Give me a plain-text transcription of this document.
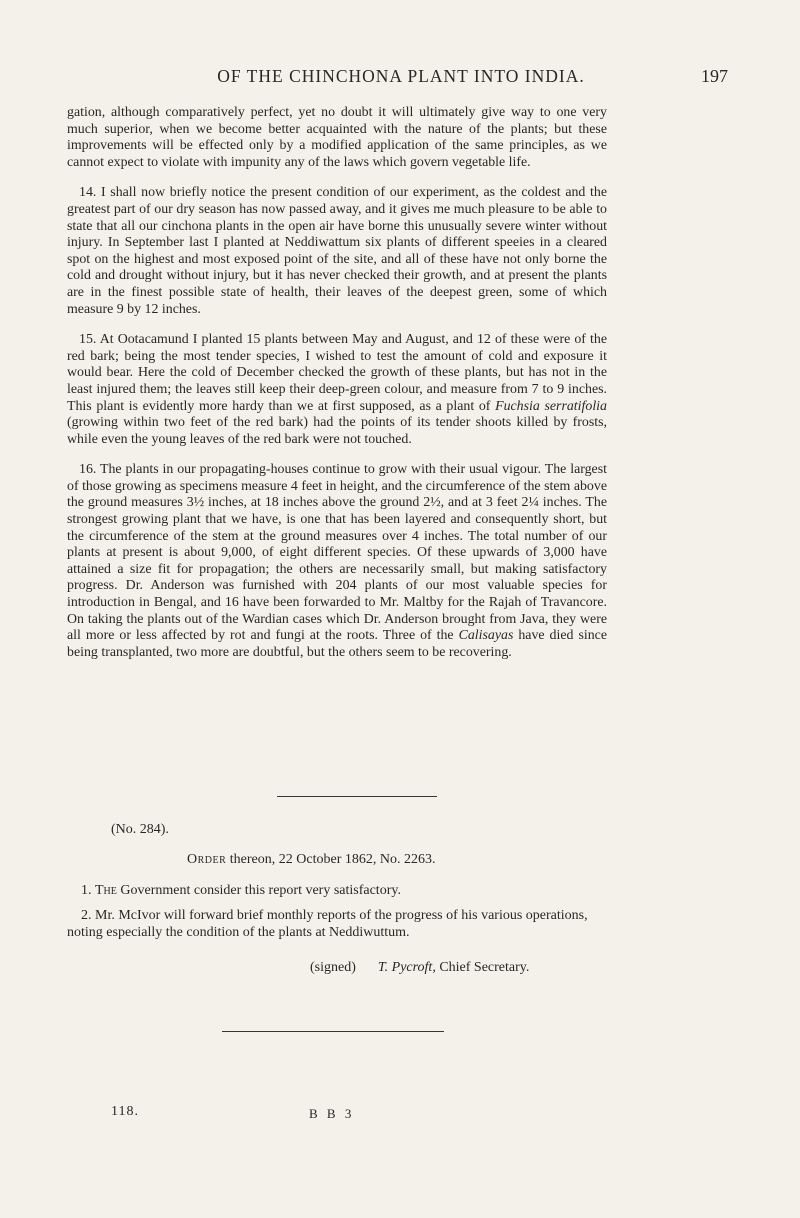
OF THE CHINCHONA PLANT INTO INDIA.	197

gation, although comparatively perfect, yet no doubt it will ultimately give way to one very much superior, when we become better acquainted with the nature of the plants; but these improvements will be effected only by a modified application of the same principles, as we cannot expect to violate with impunity any of the laws which govern vegetable life.

14. I shall now briefly notice the present condition of our experiment, as the coldest and the greatest part of our dry season has now passed away, and it gives me much pleasure to be able to state that all our cinchona plants in the open air have borne this unusually severe winter without injury. In September last I planted at Neddiwattum six plants of different speeies in a cleared spot on the highest and most exposed point of the site, and all of these have not only borne the cold and drought without injury, but it has never checked their growth, and at present the plants are in the finest possible state of health, their leaves of the deepest green, some of which measure 9 by 12 inches.

15. At Ootacamund I planted 15 plants between May and August, and 12 of these were of the red bark; being the most tender species, I wished to test the amount of cold and exposure it would bear. Here the cold of December checked the growth of these plants, but has not in the least injured them; the leaves still keep their deep-green colour, and measure from 7 to 9 inches. This plant is evidently more hardy than we at first supposed, as a plant of Fuchsia serratifolia (growing within two feet of the red bark) had the points of its tender shoots killed by frosts, while even the young leaves of the red bark were not touched.

16. The plants in our propagating-houses continue to grow with their usual vigour. The largest of those growing as specimens measure 4 feet in height, and the circumference of the stem above the ground measures 3½ inches, at 18 inches above the ground 2½, and at 3 feet 2¼ inches. The strongest growing plant that we have, is one that has been layered and consequently short, but the circumference of the stem at the ground measures over 4 inches. The total number of our plants at present is about 9,000, of eight different species. Of these upwards of 3,000 have attained a size fit for propagation; the others are necessarily small, but making satisfactory progress. Dr. Anderson was furnished with 204 plants of our most valuable species for introduction in Bengal, and 16 have been forwarded to Mr. Maltby for the Rajah of Travancore. On taking the plants out of the Wardian cases which Dr. Anderson brought from Java, they were all more or less affected by rot and fungi at the roots. Three of the Calisayas have died since being transplanted, two more are doubtful, but the others seem to be recovering.

(No. 284).
Order thereon, 22 October 1862, No. 2263.

1. The Government consider this report very satisfactory.

2. Mr. McIvor will forward brief monthly reports of the progress of his various operations, noting especially the condition of the plants at Neddiwuttum.

(signed) T. Pycroft, Chief Secretary.
118.	B B 3
